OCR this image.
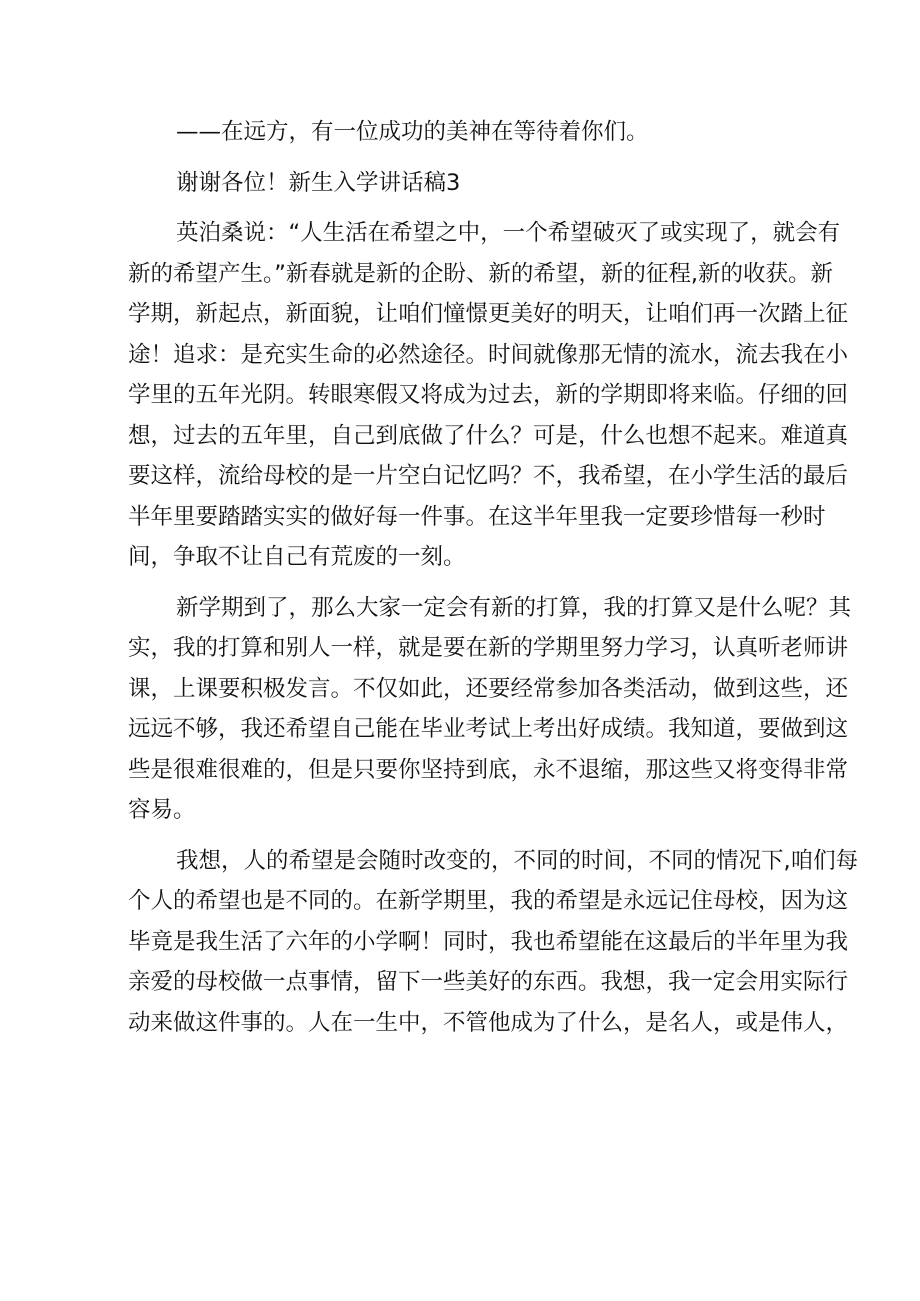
——在远方，有一位成功的美神在等待着你们。
谢谢各位！新生入学讲话稿3
英泊桑说：“人生活在希望之中，一个希望破灭了或实现了，就会有
新的希望产生。”新春就是新的企盼、新的希望，新的征程,新的收获。新
学期，新起点，新面貌，让咱们憧憬更美好的明天，让咱们再一次踏上征
途！追求：是充实生命的必然途径。时间就像那无情的流水，流去我在小
学里的五年光阴。转眼寒假又将成为过去，新的学期即将来临。仔细的回
想，过去的五年里，自己到底做了什么？可是，什么也想不起来。难道真
要这样，流给母校的是一片空白记忆吗？不，我希望，在小学生活的最后
半年里要踏踏实实的做好每一件事。在这半年里我一定要珍惜每一秒时
间，争取不让自己有荒废的一刻。
新学期到了，那么大家一定会有新的打算，我的打算又是什么呢？其
实，我的打算和别人一样，就是要在新的学期里努力学习，认真听老师讲
课，上课要积极发言。不仅如此，还要经常参加各类活动，做到这些，还
远远不够，我还希望自己能在毕业考试上考出好成绩。我知道，要做到这
些是很难很难的，但是只要你坚持到底，永不退缩，那这些又将变得非常
容易。
我想，人的希望是会随时改变的，不同的时间，不同的情况下,咱们每
个人的希望也是不同的。在新学期里，我的希望是永远记住母校，因为这
毕竟是我生活了六年的小学啊！同时，我也希望能在这最后的半年里为我
亲爱的母校做一点事情，留下一些美好的东西。我想，我一定会用实际行
动来做这件事的。人在一生中，不管他成为了什么，是名人，或是伟人，
